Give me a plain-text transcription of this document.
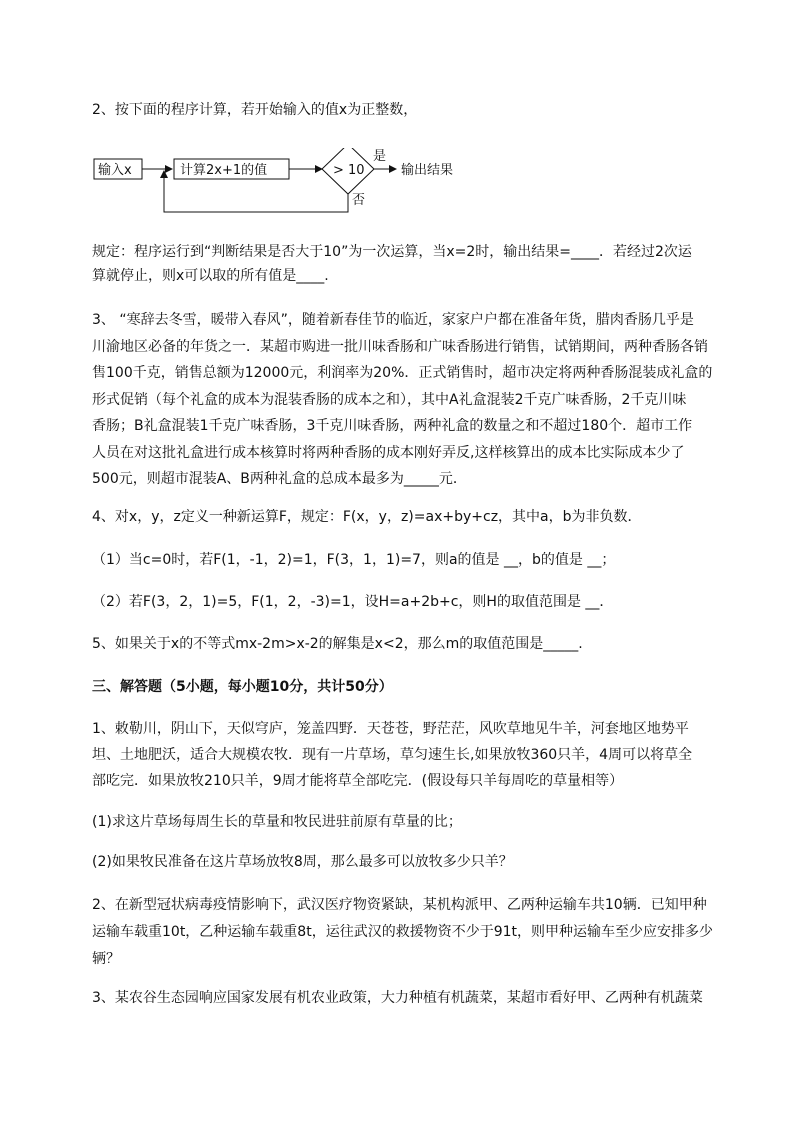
2、按下面的程序计算，若开始输入的值x为正整数，
输入x	计算2x+1的值	> 10
是
输出结果
否
规定：程序运行到“判断结果是否大于10”为一次运算，当x=2时，输出结果=____．若经过2次运
算就停止，则x可以取的所有值是____.
3、 “寒辞去冬雪，暖带入春风”，随着新春佳节的临近，家家户户都在准备年货，腊肉香肠几乎是
川渝地区必备的年货之一．某超市购进一批川味香肠和广味香肠进行销售，试销期间，两种香肠各销
售100千克，销售总额为12000元，利润率为20%．正式销售时，超市决定将两种香肠混装成礼盒的
形式促销（每个礼盒的成本为混装香肠的成本之和），其中A礼盒混装2千克广味香肠，2千克川味
香肠；B礼盒混装1千克广味香肠，3千克川味香肠，两种礼盒的数量之和不超过180个．超市工作
人员在对这批礼盒进行成本核算时将两种香肠的成本刚好弄反,这样核算出的成本比实际成本少了
500元，则超市混装A、B两种礼盒的总成本最多为_____元．
4、对x，y，z定义一种新运算F，规定：F(x，y，z)=ax+by+cz，其中a，b为非负数．
（1）当c=0时，若F(1，-1，2)=1，F(3，1，1)=7，则a的值是 __，b的值是 __；
（2）若F(3，2，1)=5，F(1，2，-3)=1，设H=a+2b+c，则H的取值范围是 __．
5、如果关于x的不等式mx-2m>x-2的解集是x<2，那么m的取值范围是_____.
三、解答题（5小题，每小题10分，共计50分）
1、敕勒川，阴山下，天似穹庐，笼盖四野．天苍苍，野茫茫，风吹草地见牛羊，河套地区地势平
坦、土地肥沃，适合大规模农牧．现有一片草场，草匀速生长,如果放牧360只羊，4周可以将草全
部吃完．如果放牧210只羊，9周才能将草全部吃完．(假设每只羊每周吃的草量相等）
(1)求这片草场每周生长的草量和牧民进驻前原有草量的比；
(2)如果牧民准备在这片草场放牧8周，那么最多可以放牧多少只羊？
2、在新型冠状病毒疫情影响下，武汉医疗物资紧缺，某机构派甲、乙两种运输车共10辆．已知甲种
运输车载重10t，乙种运输车载重8t，运往武汉的救援物资不少于91t，则甲种运输车至少应安排多少
辆？
3、某农谷生态园响应国家发展有机农业政策，大力种植有机蔬菜，某超市看好甲、乙两种有机蔬菜
